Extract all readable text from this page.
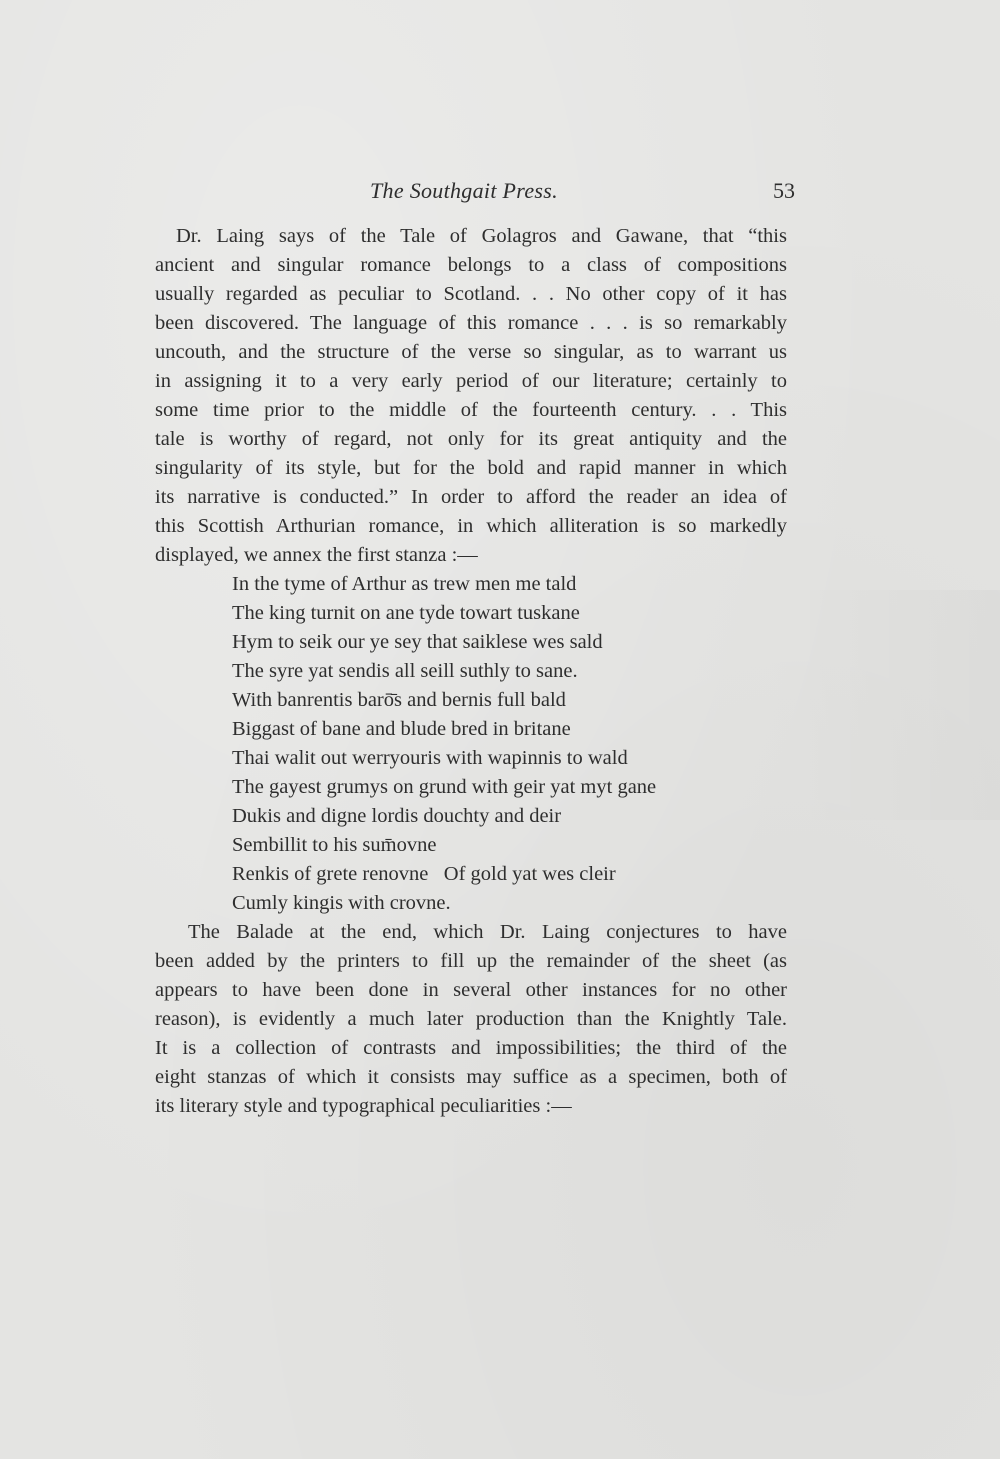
The Southgait Press.	53
Dr. Laing says of the Tale of Golagros and Gawane, that “this
ancient and singular romance belongs to a class of compositions
usually regarded as peculiar to Scotland. . . No other copy of it has
been discovered. The language of this romance . . . is so remarkably
uncouth, and the structure of the verse so singular, as to warrant us
in assigning it to a very early period of our literature; certainly to
some time prior to the middle of the fourteenth century. . . This
tale is worthy of regard, not only for its great antiquity and the
singularity of its style, but for the bold and rapid manner in which
its narrative is conducted.” In order to afford the reader an idea of
this Scottish Arthurian romance, in which alliteration is so markedly
displayed, we annex the first stanza :—
In the tyme of Arthur as trew men me tald
The king turnit on ane tyde towart tuskane
Hym to seik our ye sey that saiklese wes sald
The syre yat sendis all seill suthly to sane.
With banrentis barō̄s and bernis full bald
Biggast of bane and blude bred in britane
Thai walit out werryouris with wapinnis to wald
The gayest grumys on grund with geir yat myt gane
Dukis and digne lordis douchty and deir
Sembillit to his sum̄ovne
Renkis of grete renovne   Of gold yat wes cleir
Cumly kingis with crovne.
The Balade at the end, which Dr. Laing conjectures to have
been added by the printers to fill up the remainder of the sheet (as
appears to have been done in several other instances for no other
reason), is evidently a much later production than the Knightly Tale.
It is a collection of contrasts and impossibilities; the third of the
eight stanzas of which it consists may suffice as a specimen, both of
its literary style and typographical peculiarities :—
